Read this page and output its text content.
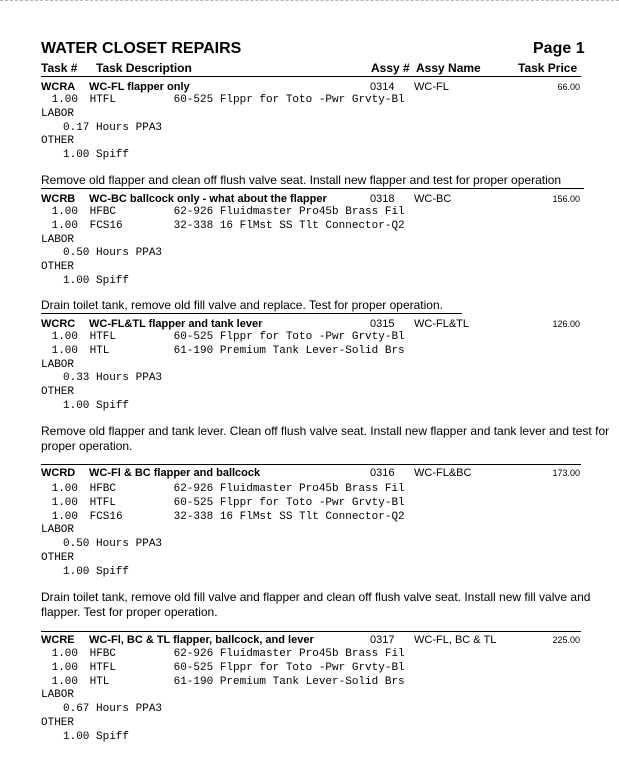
WATER CLOSET REPAIRS	Page 1
Task # Task Description	Assy # Assy Name	Task Price
WCRA WC-FL flapper only	0314 WC-FL	66.00
1.00 HTFL	60-525 Flppr for Toto -Pwr Grvty-Bl
LABOR
0.17 Hours PPA3
OTHER
1.00 Spiff
Remove old flapper and clean off flush valve seat. Install new flapper and test for proper operation
WCRB WC-BC ballcock only - what about the flapper	0318 WC-BC	156.00
1.00 HFBC	62-926 Fluidmaster Pro45b Brass Fil
1.00 FCS16	32-338 16 FlMst SS Tlt Connector-Q2
LABOR
0.50 Hours PPA3
OTHER
1.00 Spiff
Drain toilet tank, remove old fill valve and replace. Test for proper operation.
WCRC WC-FL&TL flapper and tank lever	0315 WC-FL&TL	126.00
1.00 HTFL	60-525 Flppr for Toto -Pwr Grvty-Bl
1.00 HTL	61-190 Premium Tank Lever-Solid Brs
LABOR
0.33 Hours PPA3
OTHER
1.00 Spiff
Remove old flapper and tank lever. Clean off flush valve seat. Install new flapper and tank lever and test for proper operation.
WCRD WC-Fl & BC flapper and ballcock	0316 WC-FL&BC	173.00
1.00 HFBC	62-926 Fluidmaster Pro45b Brass Fil
1.00 HTFL	60-525 Flppr for Toto -Pwr Grvty-Bl
1.00 FCS16	32-338 16 FlMst SS Tlt Connector-Q2
LABOR
0.50 Hours PPA3
OTHER
1.00 Spiff
Drain toilet tank, remove old fill valve and flapper and clean off flush valve seat. Install new fill valve and flapper. Test for proper operation.
WCRE WC-Fl, BC & TL flapper, ballcock, and lever	0317 WC-FL, BC & TL	225.00
1.00 HFBC	62-926 Fluidmaster Pro45b Brass Fil
1.00 HTFL	60-525 Flppr for Toto -Pwr Grvty-Bl
1.00 HTL	61-190 Premium Tank Lever-Solid Brs
LABOR
0.67 Hours PPA3
OTHER
1.00 Spiff
